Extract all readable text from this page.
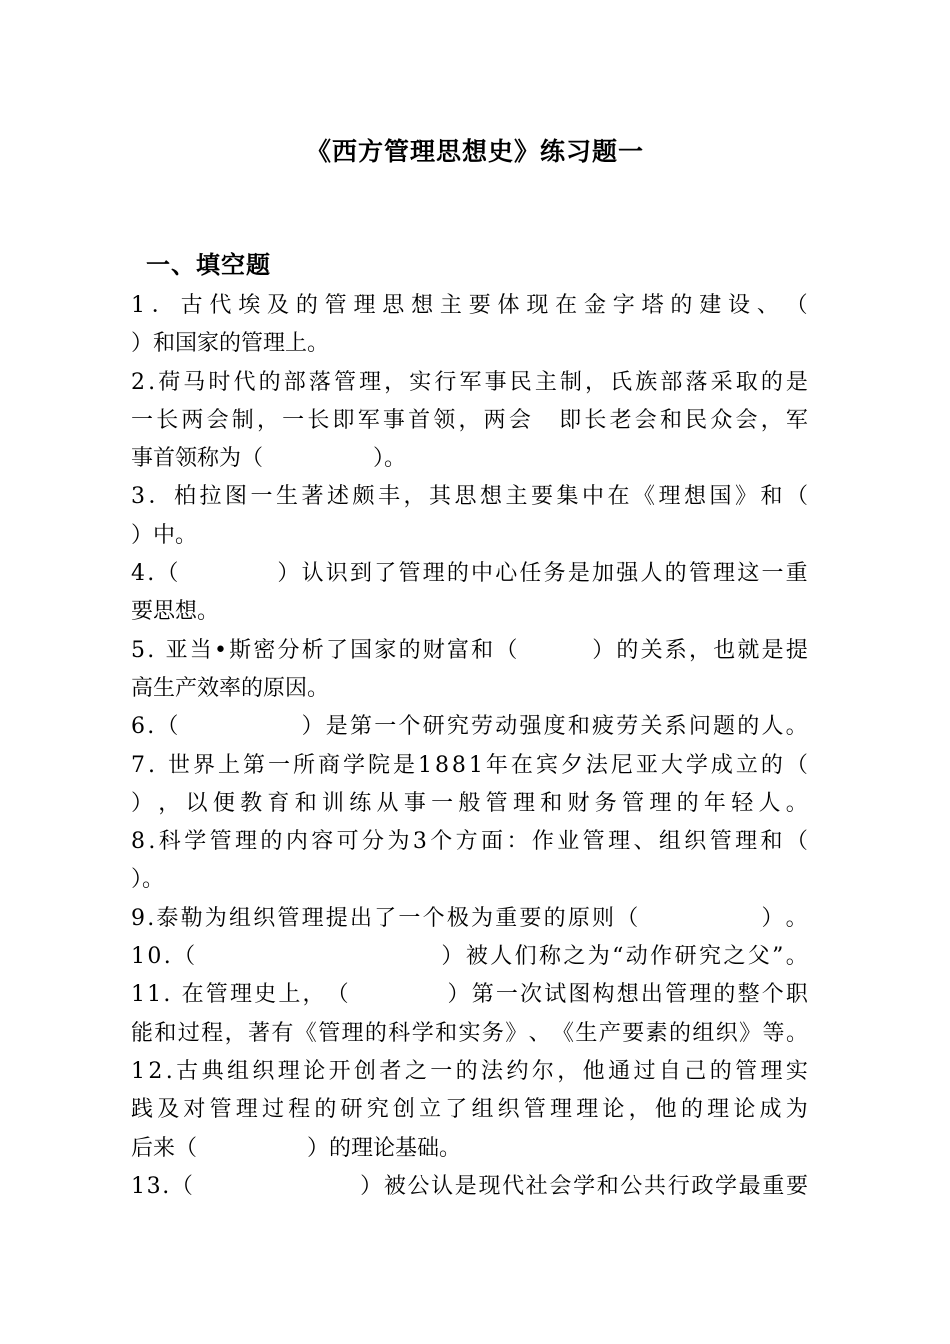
《西方管理思想史》练习题一
一、填空题
1 ． 古 代 埃 及 的 管 理 思 想 主 要 体 现 在 金 字 塔 的 建 设 、 （
）和国家的管理上。
2 . 荷 马 时 代 的 部 落 管 理 ， 实 行 军 事 民 主 制 ， 氏 族 部 落 采 取 的 是
一 长 两 会 制 ， 一 长 即 军 事 首 领 ， 两 会
　 即 长 老 会 和 民 众 会 ， 军
事首领称为（　　　　　）。
3 ． 柏 拉 图 一 生 著 述 颇 丰 ， 其 思 想 主 要 集 中 在 《 理 想 国 》 和 （
）中。
4 . （

　	） 认 识 到 了 管 理 的 中 心 任 务 是 加 强 人 的 管 理 这 一 重
要思想。
5 .
亚 当 • 斯 密 分 析 了 国 家 的 财 富 和 （

　	） 的 关 系 ， 也 就 是 提
高生产效率的原因。
6 . （

　	） 是 第 一 个 研 究 劳 动 强 度 和 疲 劳 关 系 问 题 的 人 。
7 .
世 界 上 第 一 所 商 学 院 是 1 8 8 1 年 在 宾 夕 法 尼 亚 大 学 成 立 的 （
） ， 以 便 教 育 和 训 练 从 事 一 般 管 理 和 财 务 管 理 的 年 轻 人 。
8 . 科 学 管 理 的 内 容 可 分 为 3 个 方 面 ： 作 业 管 理 、 组 织 管 理 和 （
）。
9 . 泰 勒 为 组 织 管 理 提 出 了 一 个 极 为 重 要 的 原 则 （

　	） 。
1 0 . （

　	） 被 人 们 称 之 为 “ 动 作 研 究 之 父 ” 。
1 1 .
在 管 理 史 上 ， （

　	） 第 一 次 试 图 构 想 出 管 理 的 整 个 职
能 和 过 程 ， 著 有 《 管 理 的 科 学 和 实 务 》 、 《 生 产 要 素 的 组 织 》 等 。
1 2 . 古 典 组 织 理 论 开 创 者 之 一 的 法 约 尔 ， 他 通 过 自 己 的 管 理 实
践 及 对 管 理 过 程 的 研 究 创 立 了 组 织 管 理 理 论 ， 他 的 理 论 成 为
后来（　　　　　）的理论基础。
1 3 . （

　	） 被 公 认 是 现 代 社 会 学 和 公 共 行 政 学 最 重 要
